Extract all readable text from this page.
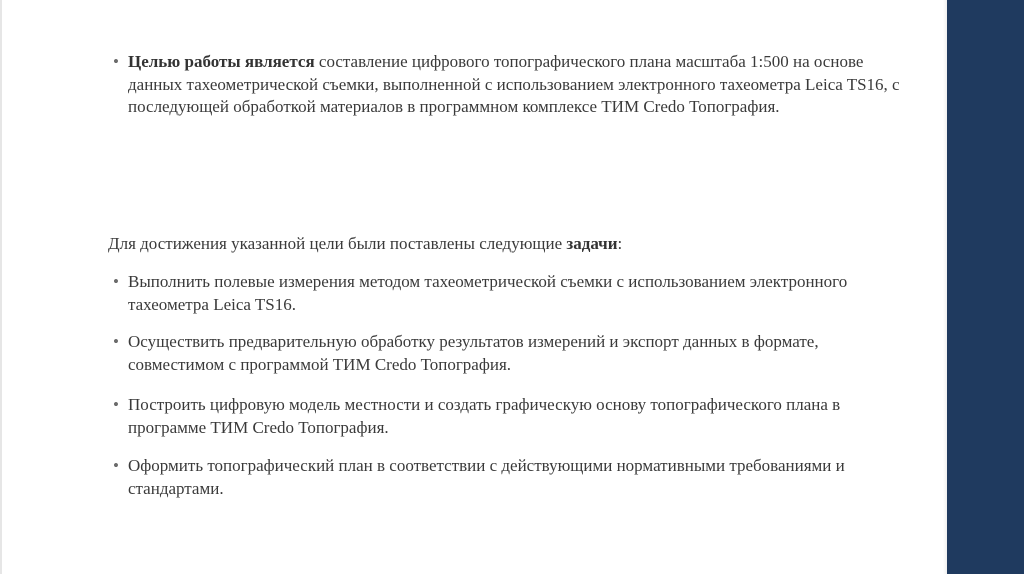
• Целью работы является составление цифрового топографического плана масштаба 1:500 на основе данных тахеометрической съемки, выполненной с использованием электронного тахеометра Leica TS16, с последующей обработкой материалов в программном комплексе ТИМ Credo Топография.

Для достижения указанной цели были поставлены следующие задачи:

• Выполнить полевые измерения методом тахеометрической съемки с использованием электронного тахеометра Leica TS16.

• Осуществить предварительную обработку результатов измерений и экспорт данных в формате, совместимом с программой ТИМ Credo Топография.

• Построить цифровую модель местности и создать графическую основу топографического плана в программе ТИМ Credo Топография.

• Оформить топографический план в соответствии с действующими нормативными требованиями и стандартами.
